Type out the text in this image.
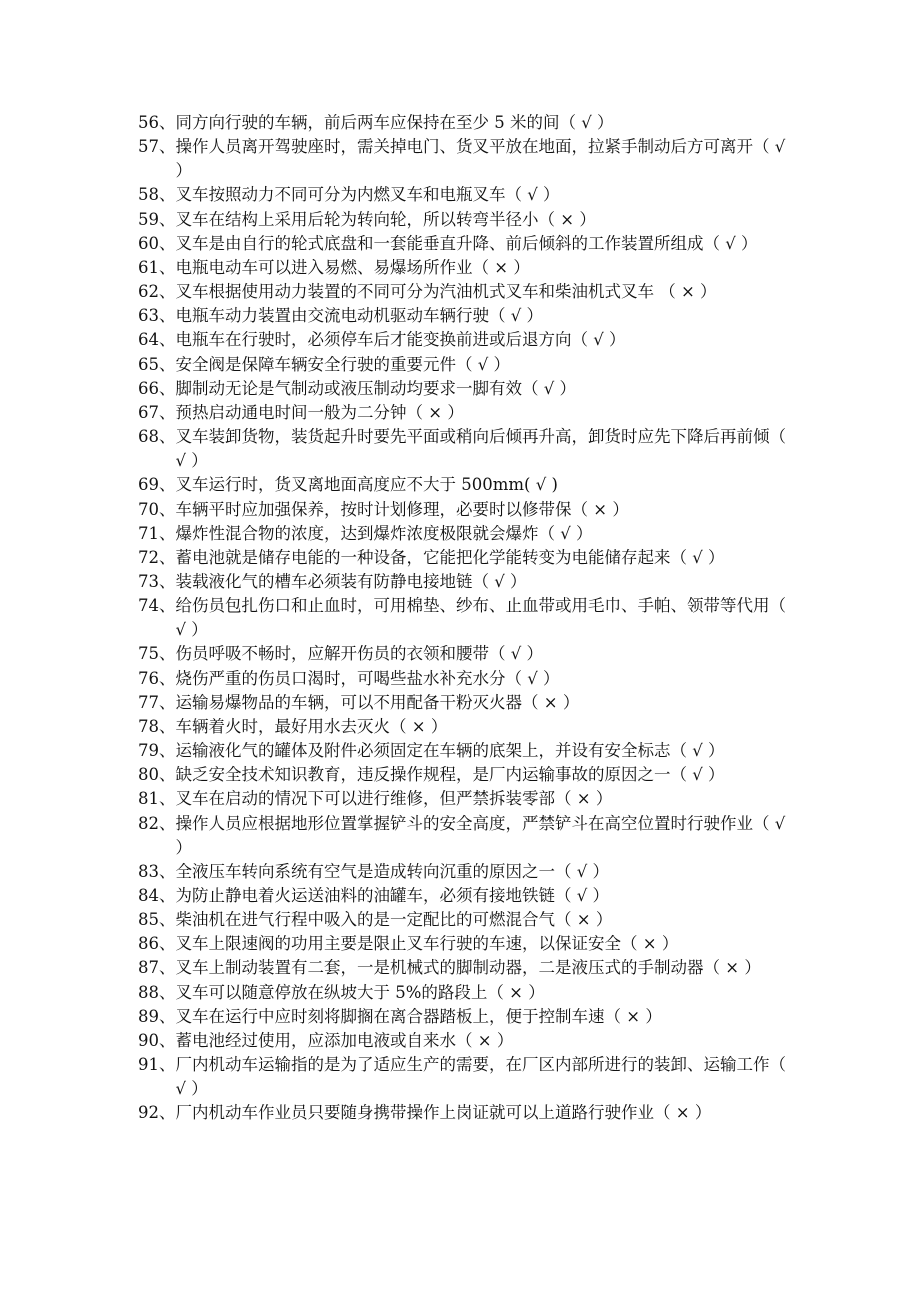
56、 同方向行驶的车辆，前后两车应保持在至少 5 米的间（ √ ）
57、 操作人员离开驾驶座时，需关掉电门、货叉平放在地面，拉紧手制动后方可离开（ √ ）
58、 叉车按照动力不同可分为内燃叉车和电瓶叉车（ √ ）
59、 叉车在结构上采用后轮为转向轮，所以转弯半径小（ × ）
60、 叉车是由自行的轮式底盘和一套能垂直升降、前后倾斜的工作装置所组成（ √ ）
61、 电瓶电动车可以进入易燃、易爆场所作业（ × ）
62、 叉车根据使用动力装置的不同可分为汽油机式叉车和柴油机式叉车 （ × ）
63、 电瓶车动力装置由交流电动机驱动车辆行驶（ √ ）
64、 电瓶车在行驶时，必须停车后才能变换前进或后退方向（ √ ）
65、 安全阀是保障车辆安全行驶的重要元件（ √ ）
66、 脚制动无论是气制动或液压制动均要求一脚有效（ √ ）
67、 预热启动通电时间一般为二分钟（ × ）
68、 叉车装卸货物，装货起升时要先平面或稍向后倾再升高，卸货时应先下降后再前倾（ √ ）
69、 叉车运行时，货叉离地面高度应不大于 500mm( √ )
70、 车辆平时应加强保养，按时计划修理，必要时以修带保（ × ）
71、 爆炸性混合物的浓度，达到爆炸浓度极限就会爆炸（ √ ）
72、 蓄电池就是储存电能的一种设备，它能把化学能转变为电能储存起来（ √ ）
73、 装载液化气的槽车必须装有防静电接地链（ √ ）
74、 给伤员包扎伤口和止血时，可用棉垫、纱布、止血带或用毛巾、手帕、领带等代用（ √ ）
75、 伤员呼吸不畅时，应解开伤员的衣领和腰带（ √ ）
76、 烧伤严重的伤员口渴时，可喝些盐水补充水分（ √ ）
77、 运输易爆物品的车辆，可以不用配备干粉灭火器（ × ）
78、 车辆着火时，最好用水去灭火（ × ）
79、 运输液化气的罐体及附件必须固定在车辆的底架上，并设有安全标志（ √ ）
80、 缺乏安全技术知识教育，违反操作规程，是厂内运输事故的原因之一（ √ ）
81、 叉车在启动的情况下可以进行维修，但严禁拆装零部（ × ）
82、 操作人员应根据地形位置掌握铲斗的安全高度，严禁铲斗在高空位置时行驶作业（ √ ）
83、 全液压车转向系统有空气是造成转向沉重的原因之一（ √ ）
84、 为防止静电着火运送油料的油罐车，必须有接地铁链（ √ ）
85、 柴油机在进气行程中吸入的是一定配比的可燃混合气（ × ）
86、 叉车上限速阀的功用主要是限止叉车行驶的车速，以保证安全（ × ）
87、 叉车上制动装置有二套，一是机械式的脚制动器，二是液压式的手制动器（ × ）
88、 叉车可以随意停放在纵坡大于 5%的路段上（ × ）
89、 叉车在运行中应时刻将脚搁在离合器踏板上，便于控制车速（ × ）
90、 蓄电池经过使用，应添加电液或自来水（ × ）
91、 厂内机动车运输指的是为了适应生产的需要，在厂区内部所进行的装卸、运输工作（ √ ）
92、 厂内机动车作业员只要随身携带操作上岗证就可以上道路行驶作业（ × ）
